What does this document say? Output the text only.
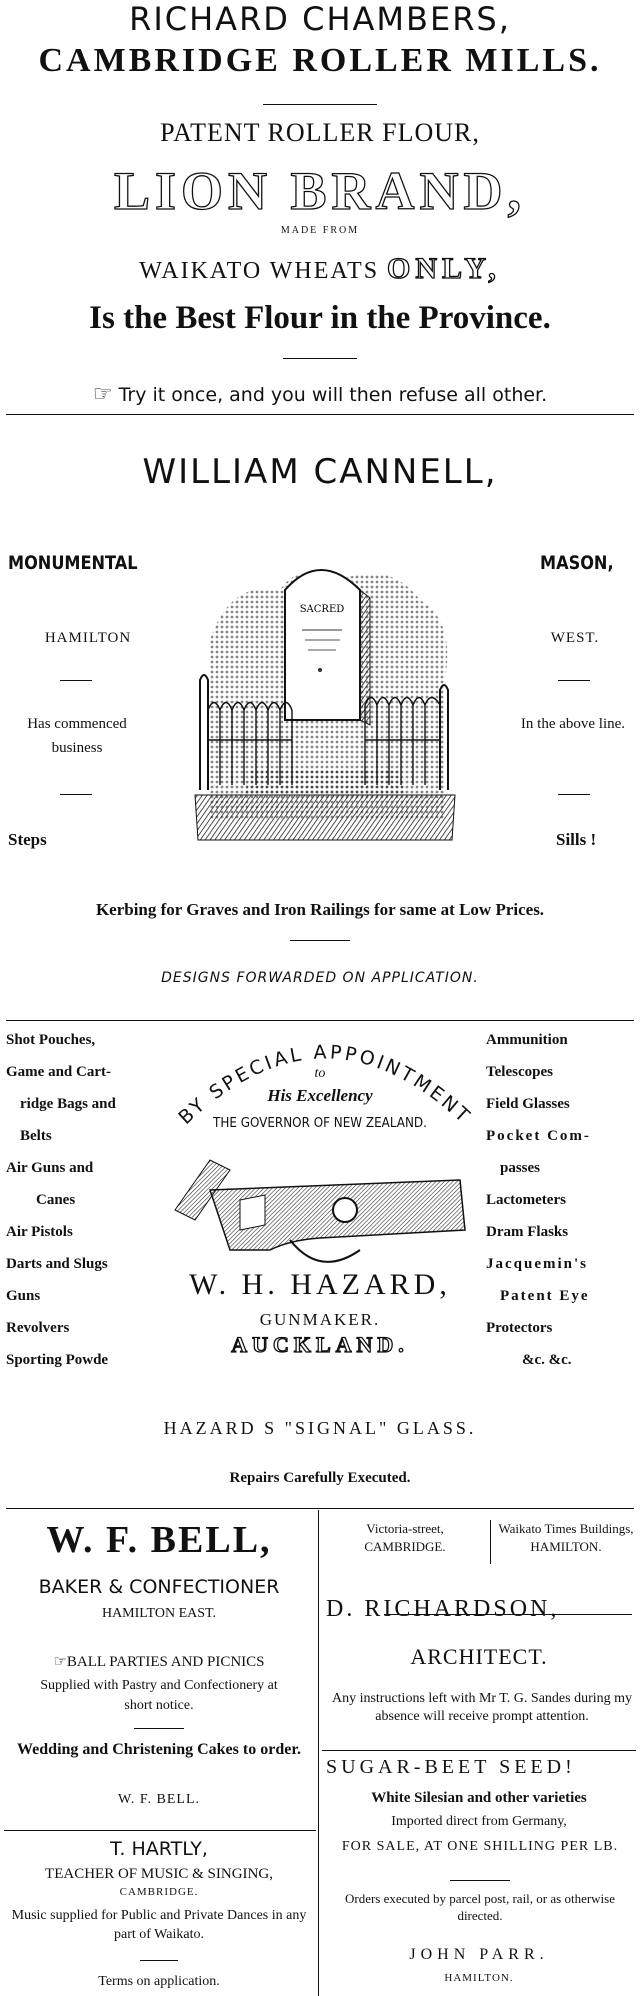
RICHARD CHAMBERS,
CAMBRIDGE ROLLER MILLS.
PATENT ROLLER FLOUR,
LION BRAND,
MADE FROM
WAIKATO WHEATS ONLY,
Is the Best Flour in the Province.
☞ Try it once, and you will then refuse all other.
WILLIAM CANNELL,
MONUMENTAL	MASON,
HAMILTON	WEST.
Has commenced business
In the above line.
Steps	Sills !
SACRED
Kerbing for Graves and Iron Railings for same at Low Prices.
DESIGNS FORWARDED ON APPLICATION.
Shot Pouches,
Game and Cart-
ridge Bags and
Belts
Air Guns and
Canes
Air Pistols
Darts and Slugs
Guns
Revolvers
Sporting Powde
Ammunition
Telescopes
Field Glasses
Pocket Com-
passes
Lactometers
Dram Flasks
Jacquemin's
Patent Eye
Protectors
&c. &c.
BY SPECIAL APPOINTMENT
to
His Excellency
THE GOVERNOR OF NEW ZEALAND.
W. H. HAZARD,
GUNMAKER.
AUCKLAND.
HAZARD S "SIGNAL" GLASS.
Repairs Carefully Executed.
W. F. BELL,
BAKER & CONFECTIONER
HAMILTON EAST.
☞BALL PARTIES AND PICNICS
Supplied with Pastry and Confectionery at short notice.
Wedding and Christening Cakes to order.
W. F. BELL.
T. HARTLY,
TEACHER OF MUSIC & SINGING,
CAMBRIDGE.
Music supplied for Public and Private Dances in any part of Waikato.
Terms on application.
Victoria-street, CAMBRIDGE.
Waikato Times Buildings, HAMILTON.
D. RICHARDSON,
ARCHITECT.
Any instructions left with Mr T. G. Sandes during my absence will receive prompt attention.
SUGAR-BEET SEED!
White Silesian and other varieties
Imported direct from Germany,
FOR SALE, AT ONE SHILLING PER LB.
Orders executed by parcel post, rail, or as otherwise directed.
JOHN PARR.
HAMILTON.
